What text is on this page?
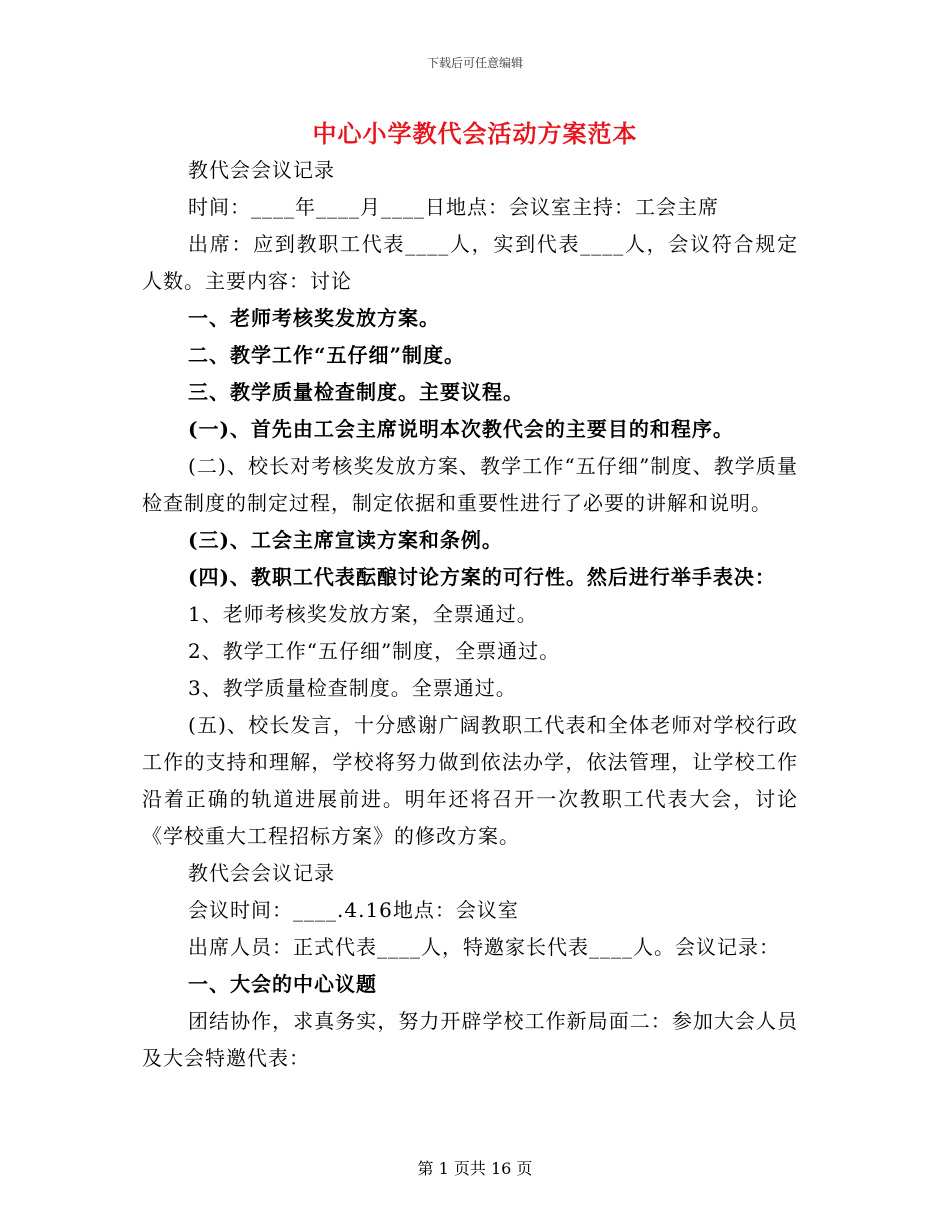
下载后可任意编辑
中心小学教代会活动方案范本

教代会会议记录

时间：____年____月____日地点：会议室主持：工会主席

出席：应到教职工代表____人，实到代表____人，会议符合规定人数。主要内容：讨论

一、老师考核奖发放方案。

二、教学工作“五仔细”制度。

三、教学质量检查制度。主要议程。

(一)、首先由工会主席说明本次教代会的主要目的和程序。

(二)、校长对考核奖发放方案、教学工作“五仔细”制度、教学质量检查制度的制定过程，制定依据和重要性进行了必要的讲解和说明。

(三)、工会主席宣读方案和条例。

(四)、教职工代表酝酿讨论方案的可行性。然后进行举手表决：

1、老师考核奖发放方案，全票通过。

2、教学工作“五仔细”制度，全票通过。

3、教学质量检查制度。全票通过。

(五)、校长发言，十分感谢广阔教职工代表和全体老师对学校行政工作的支持和理解，学校将努力做到依法办学，依法管理，让学校工作沿着正确的轨道进展前进。明年还将召开一次教职工代表大会，讨论《学校重大工程招标方案》的修改方案。

教代会会议记录

会议时间：____.4.16地点：会议室

出席人员：正式代表____人，特邀家长代表____人。会议记录：

一、大会的中心议题

团结协作，求真务实，努力开辟学校工作新局面二：参加大会人员及大会特邀代表：

第 1 页共 16 页
